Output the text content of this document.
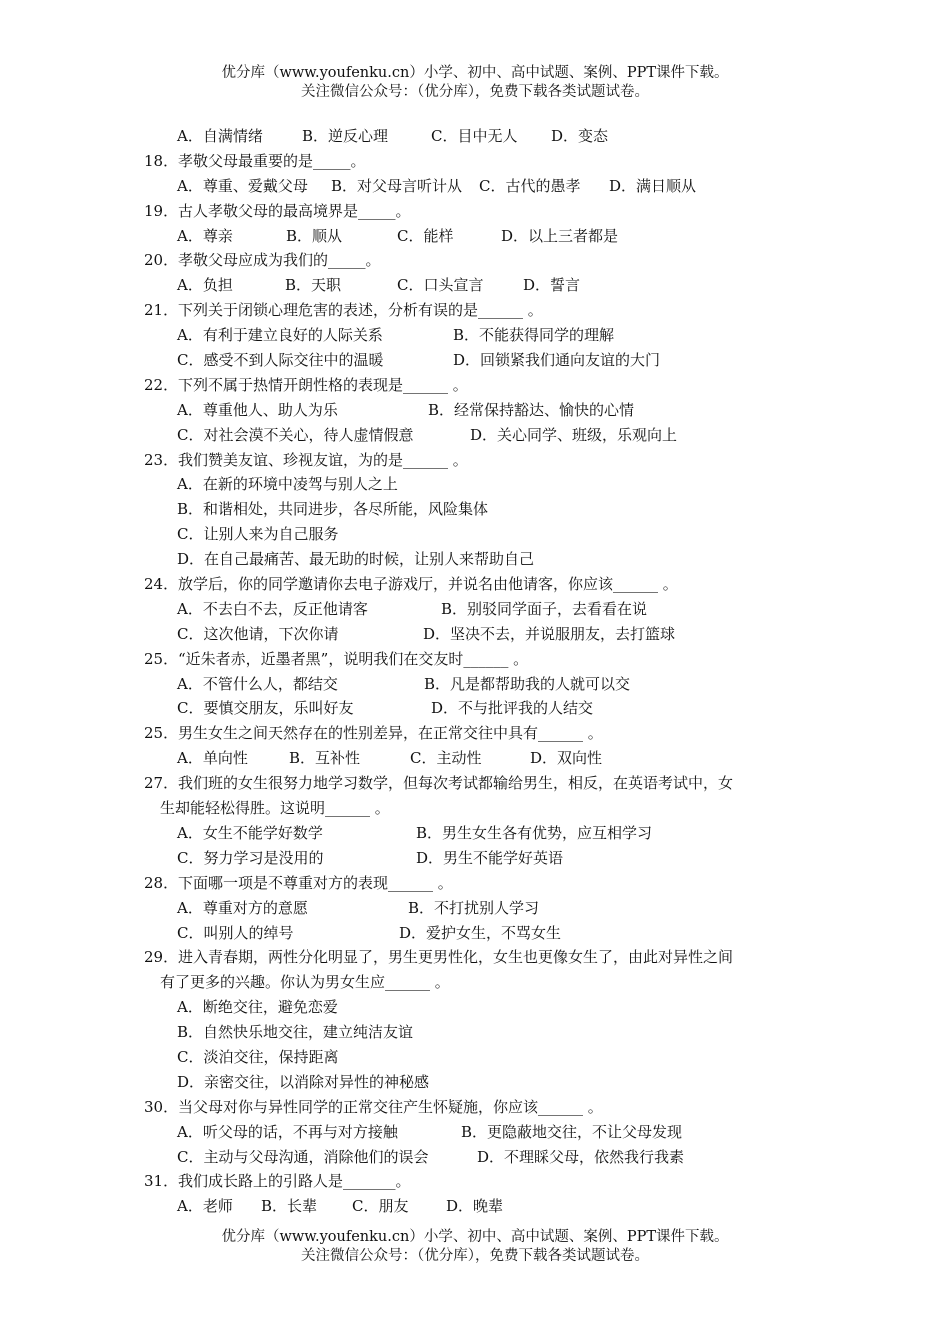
优分库（www.youfenku.cn）小学、初中、高中试题、案例、PPT课件下载。
关注微信公众号：（优分库），免费下载各类试题试卷。
A．自满情绪	B．逆反心理	C．目中无人	D．变态
18．孝敬父母最重要的是_____。
A．尊重、爱戴父母	B．对父母言听计从	C．古代的愚孝	D．满日顺从
19．古人孝敬父母的最高境界是_____。
A．尊亲	B．顺从	C．能样	D．以上三者都是
20．孝敬父母应成为我们的_____。
A．负担	B．天职	C．口头宣言	D．誓言
21．下列关于闭锁心理危害的表述，分析有误的是______ 。
A．有利于建立良好的人际关系	B．不能获得同学的理解
C．感受不到人际交往中的温暖	D．回锁紧我们通向友谊的大门
22．下列不属于热情开朗性格的表现是______ 。
A．尊重他人、助人为乐	B．经常保持豁达、愉快的心情
C．对社会漠不关心，待人虚情假意	D．关心同学、班级，乐观向上
23．我们赞美友谊、珍视友谊，为的是______ 。
A．在新的环境中凌驾与别人之上
B．和谐相处，共同进步，各尽所能，风险集体
C．让别人来为自己服务
D．在自己最痛苦、最无助的时候，让别人来帮助自己
24．放学后，你的同学邀请你去电子游戏厅，并说名由他请客，你应该______ 。
A．不去白不去，反正他请客	B．别驳同学面子，去看看在说
C．这次他请，下次你请	D．坚决不去，并说服朋友，去打篮球
25．“近朱者赤，近墨者黑”，说明我们在交友时______ 。
A．不管什么人，都结交	B．凡是都帮助我的人就可以交
C．要慎交朋友，乐叫好友	D．不与批评我的人结交
25．男生女生之间天然存在的性别差异，在正常交往中具有______ 。
A．单向性	B．互补性	C．主动性	D．双向性
27．我们班的女生很努力地学习数学，但每次考试都输给男生，相反，在英语考试中，女
生却能轻松得胜。这说明______ 。
A．女生不能学好数学	B．男生女生各有优势，应互相学习
C．努力学习是没用的	D．男生不能学好英语
28．下面哪一项是不尊重对方的表现______ 。
A．尊重对方的意愿	B．不打扰别人学习
C．叫别人的绰号	D．爱护女生，不骂女生
29．进入青春期，两性分化明显了，男生更男性化，女生也更像女生了，由此对异性之间
有了更多的兴趣。你认为男女生应______ 。
A．断绝交往，避免恋爱
B．自然快乐地交往，建立纯洁友谊
C．淡泊交往，保持距离
D．亲密交往，以消除对异性的神秘感
30．当父母对你与异性同学的正常交往产生怀疑施，你应该______ 。
A．听父母的话，不再与对方接触	B．更隐蔽地交往，不让父母发现
C．主动与父母沟通，消除他们的误会	D．不理睬父母，依然我行我素
31．我们成长路上的引路人是_______。
A．老师	B．长辈	C．朋友	D．晚辈
优分库（www.youfenku.cn）小学、初中、高中试题、案例、PPT课件下载。
关注微信公众号：（优分库），免费下载各类试题试卷。
